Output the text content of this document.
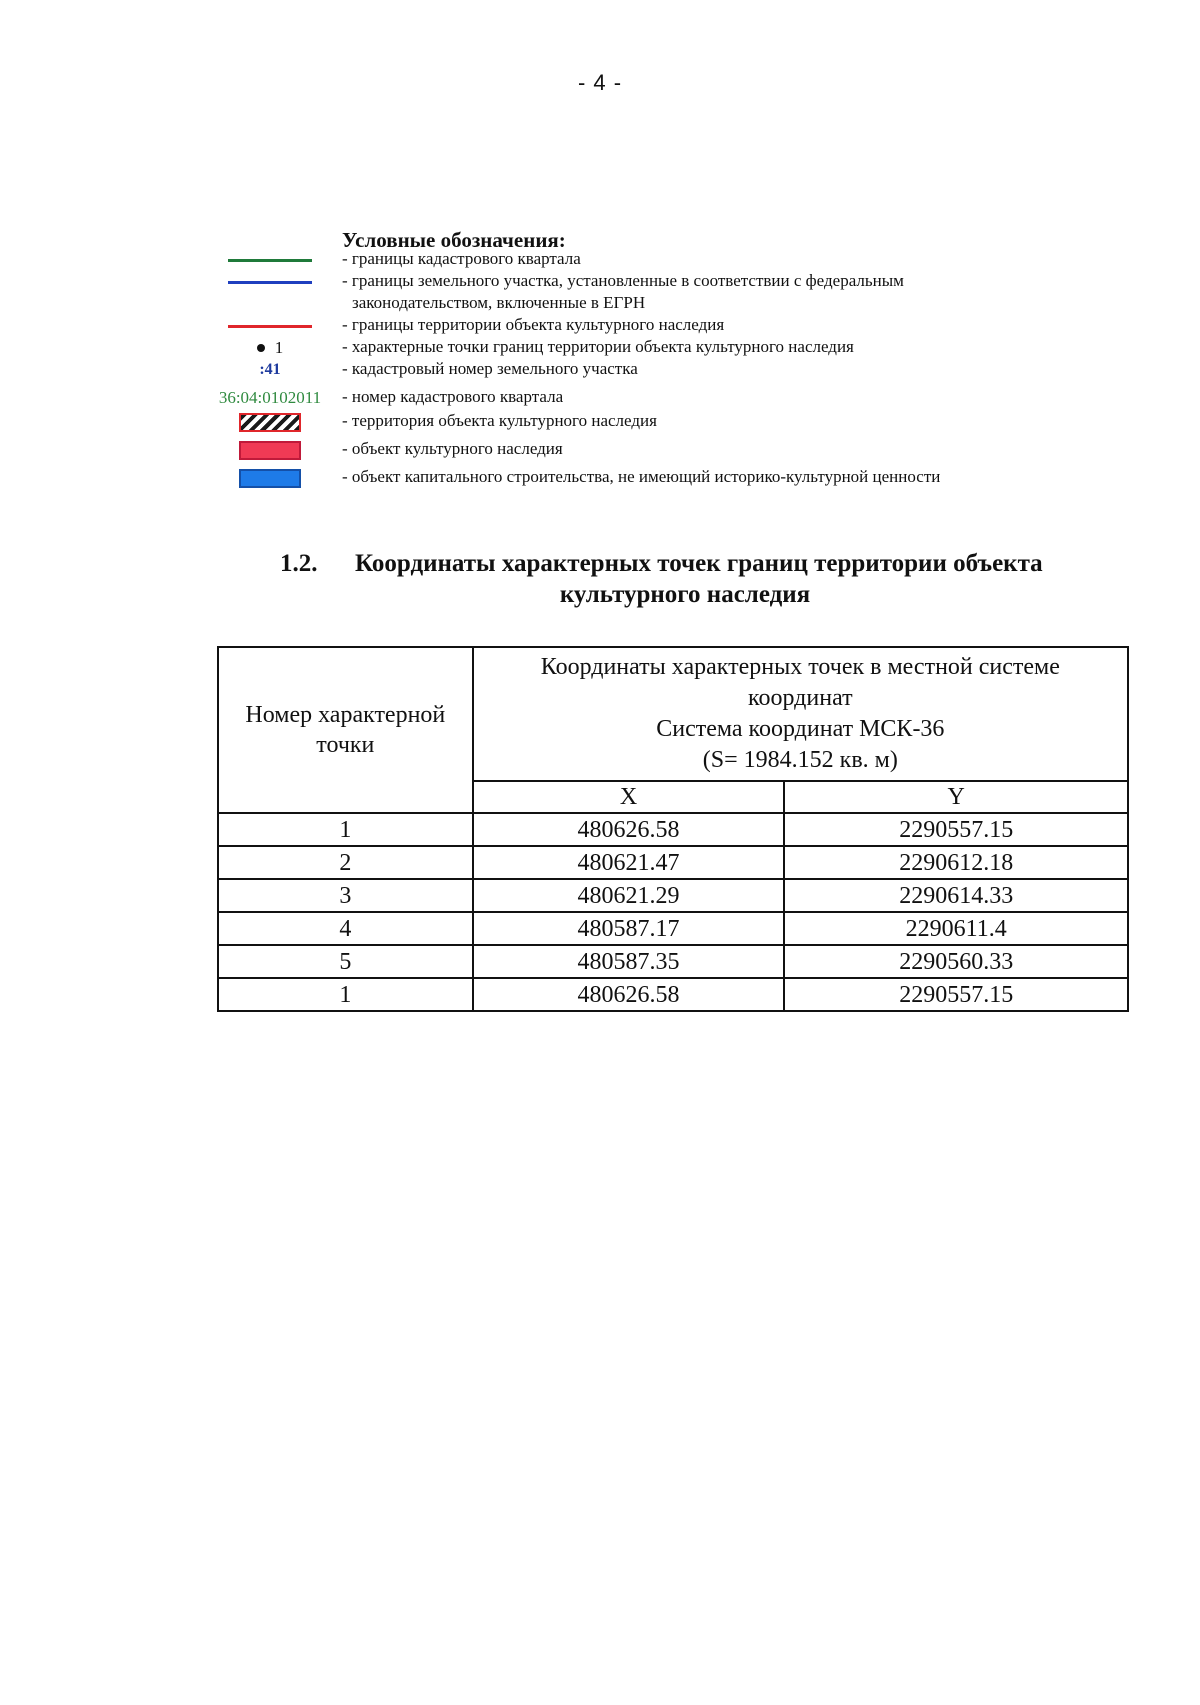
- 4 -
Условные обозначения:
- границы кадастрового квартала
- границы земельного участка, установленные в соответствии с федеральным
законодательством, включенные в ЕГРН
- границы территории объекта культурного наследия
1	- характерные точки границ территории объекта культурного наследия
:41	- кадастровый номер земельного участка
36:04:0102011 - номер кадастрового квартала
- территория объекта культурного наследия
- объект культурного наследия
- объект капитального строительства, не имеющий историко-культурной ценности
1.2. Координаты характерных точек границ территории объекта
культурного наследия
Номер характерной точки	Координаты характерных точек в местной системе
координат
Система координат МСК-36
(S= 1984.152 кв. м)	

	X	Y
1	480626.58	2290557.15
2	480621.47	2290612.18
3	480621.29	2290614.33
4	480587.17	2290611.4
5	480587.35	2290560.33
1	480626.58	2290557.15
